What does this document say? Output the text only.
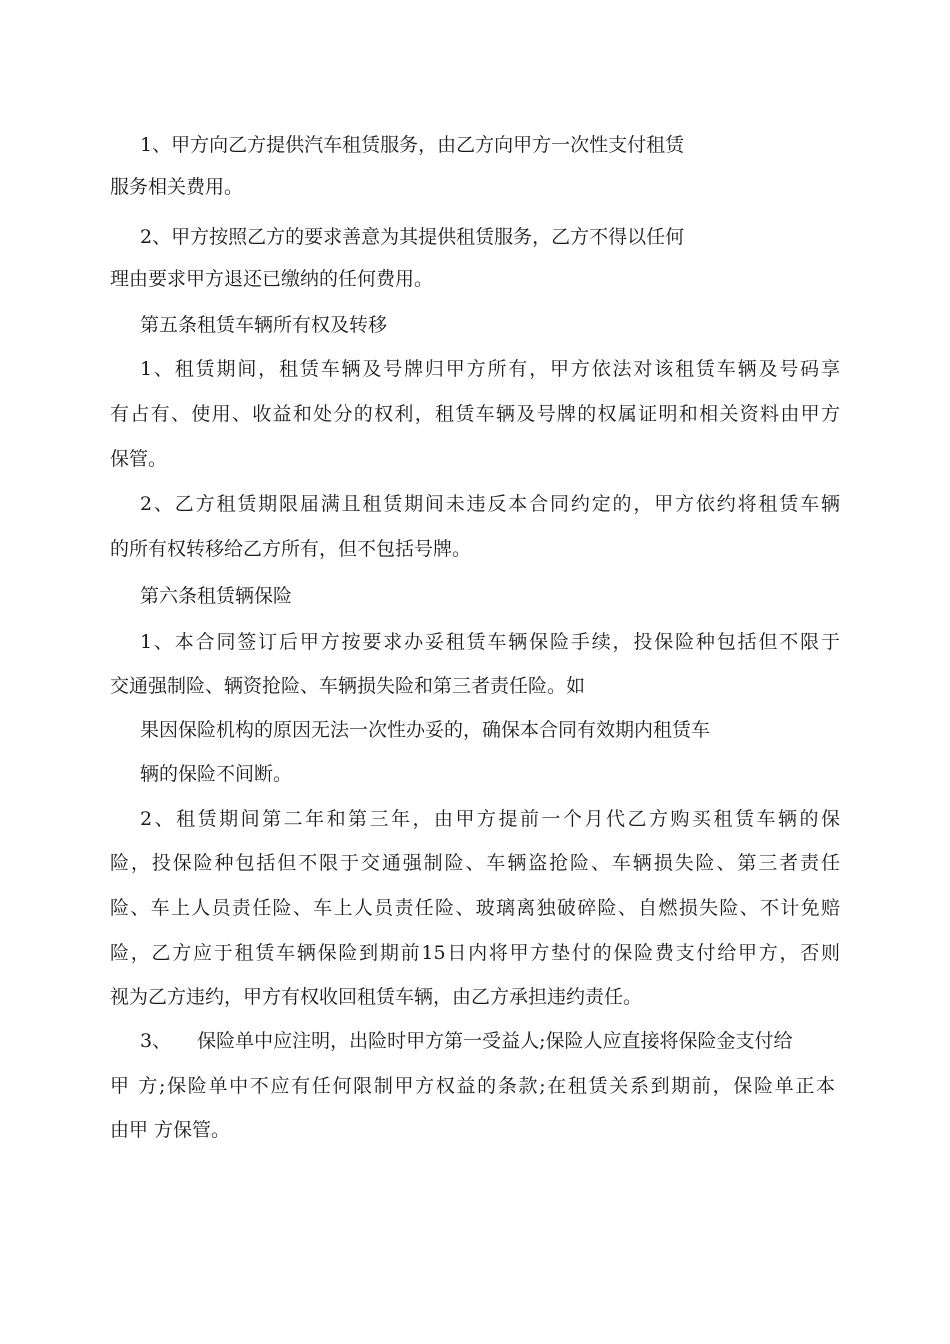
1、甲方向乙方提供汽车租赁服务，由乙方向甲方一次性支付租赁
服务相关费用。
2、甲方按照乙方的要求善意为其提供租赁服务，乙方不得以任何
理由要求甲方退还已缴纳的任何费用。
第五条租赁车辆所有权及转移
1、租赁期间，租赁车辆及号牌归甲方所有，甲方依法对该租赁车辆及号码享
有占有、使用、收益和处分的权利，租赁车辆及号牌的权属证明和相关资料由甲方
保管。
2、乙方租赁期限届满且租赁期间未违反本合同约定的，甲方依约将租赁车辆
的所有权转移给乙方所有，但不包括号牌。
第六条租赁辆保险
1、本合同签订后甲方按要求办妥租赁车辆保险手续，投保险种包括但不限于
交通强制险、辆资抢险、车辆损失险和第三者责任险。如
果因保险机构的原因无法一次性办妥的，确保本合同有效期内租赁车
辆的保险不间断。
2、租赁期间第二年和第三年，由甲方提前一个月代乙方购买租赁车辆的保
险，投保险种包括但不限于交通强制险、车辆盗抢险、车辆损失险、第三者责任
险、车上人员责任险、车上人员责任险、玻璃离独破碎险、自燃损失险、不计免赔
险，乙方应于租赁车辆保险到期前15日内将甲方垫付的保险费支付给甲方，否则
视为乙方违约，甲方有权收回租赁车辆，由乙方承担违约责任。
3、 保险单中应注明，出险时甲方第一受益人;保险人应直接将保险金支付给
甲 方;保险单中不应有任何限制甲方权益的条款;在租赁关系到期前，保险单正本
由甲 方保管。
